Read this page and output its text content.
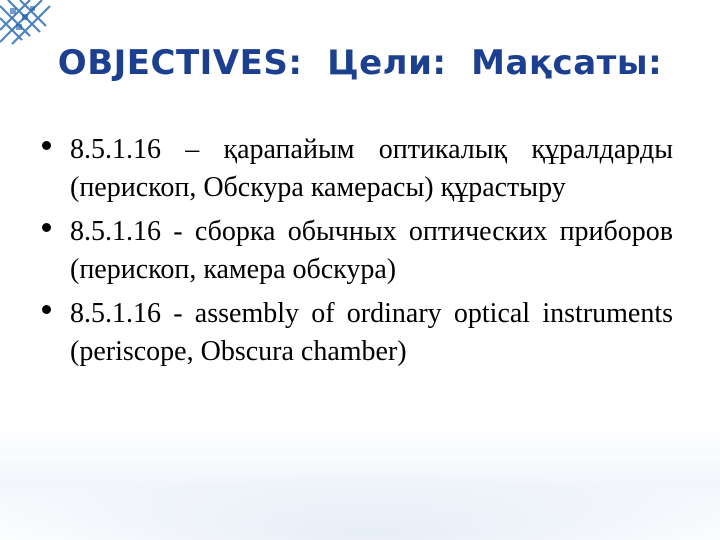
OBJECTIVES:  Цели:  Мақсаты:
8.5.1.16 – қарапайым оптикалық құралдарды (перископ, Обскура камерасы) құрастыру
8.5.1.16 - сборка обычных оптических приборов (перископ, камера обскура)
8.5.1.16 - assembly of ordinary optical instruments (periscope, Obscura chamber)
